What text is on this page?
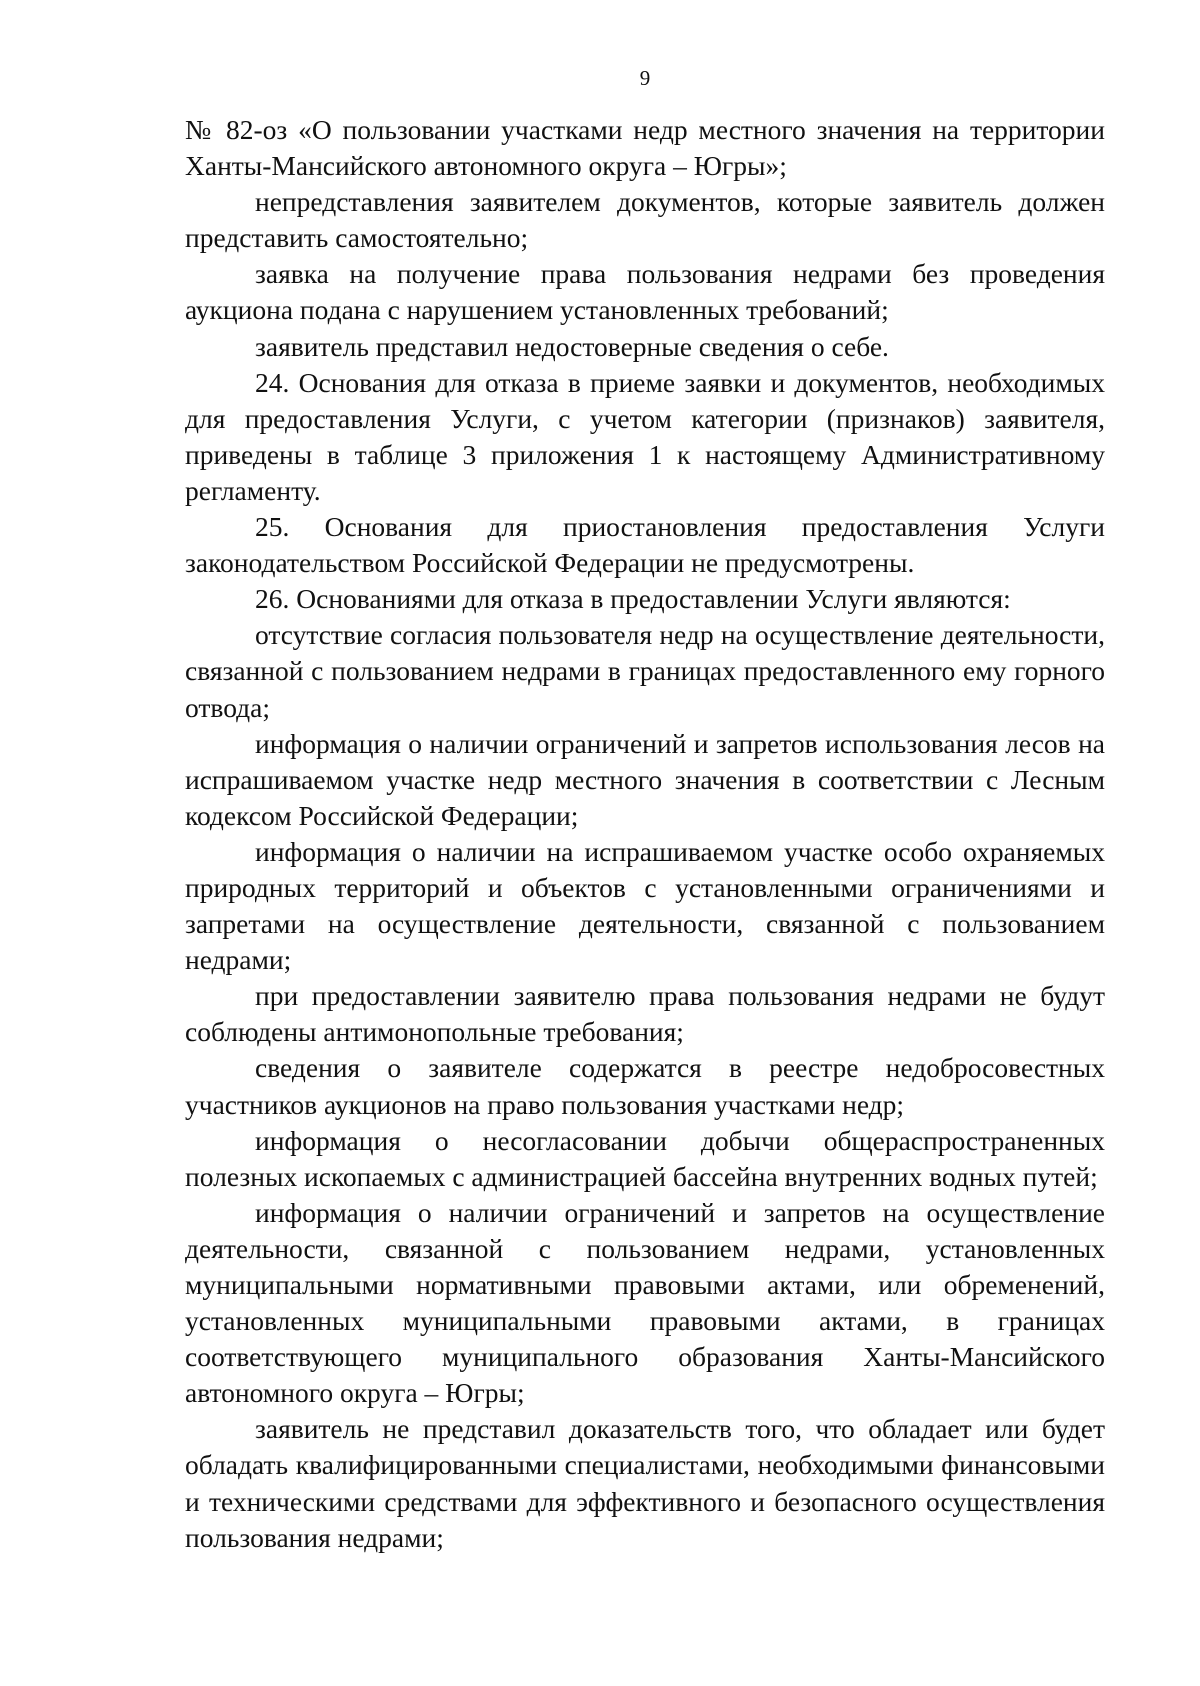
9

№ 82-оз «О пользовании участками недр местного значения на территории Ханты-Мансийского автономного округа – Югры»;

непредставления заявителем документов, которые заявитель должен представить самостоятельно;

заявка на получение права пользования недрами без проведения аукциона подана с нарушением установленных требований;

заявитель представил недостоверные сведения о себе.

24. Основания для отказа в приеме заявки и документов, необходимых для предоставления Услуги, с учетом категории (признаков) заявителя, приведены в таблице 3 приложения 1 к настоящему Административному регламенту.

25. Основания для приостановления предоставления Услуги законодательством Российской Федерации не предусмотрены.

26. Основаниями для отказа в предоставлении Услуги являются:

отсутствие согласия пользователя недр на осуществление деятельности, связанной с пользованием недрами в границах предоставленного ему горного отвода;

информация о наличии ограничений и запретов использования лесов на испрашиваемом участке недр местного значения в соответствии с Лесным кодексом Российской Федерации;

информация о наличии на испрашиваемом участке особо охраняемых природных территорий и объектов с установленными ограничениями и запретами на осуществление деятельности, связанной с пользованием недрами;

при предоставлении заявителю права пользования недрами не будут соблюдены антимонопольные требования;

сведения о заявителе содержатся в реестре недобросовестных участников аукционов на право пользования участками недр;

информация о несогласовании добычи общераспространенных полезных ископаемых с администрацией бассейна внутренних водных путей;

информация о наличии ограничений и запретов на осуществление деятельности, связанной с пользованием недрами, установленных муниципальными нормативными правовыми актами, или обременений, установленных муниципальными правовыми актами, в границах соответствующего муниципального образования Ханты-Мансийского автономного округа – Югры;

заявитель не представил доказательств того, что обладает или будет обладать квалифицированными специалистами, необходимыми финансовыми и техническими средствами для эффективного и безопасного осуществления пользования недрами;
